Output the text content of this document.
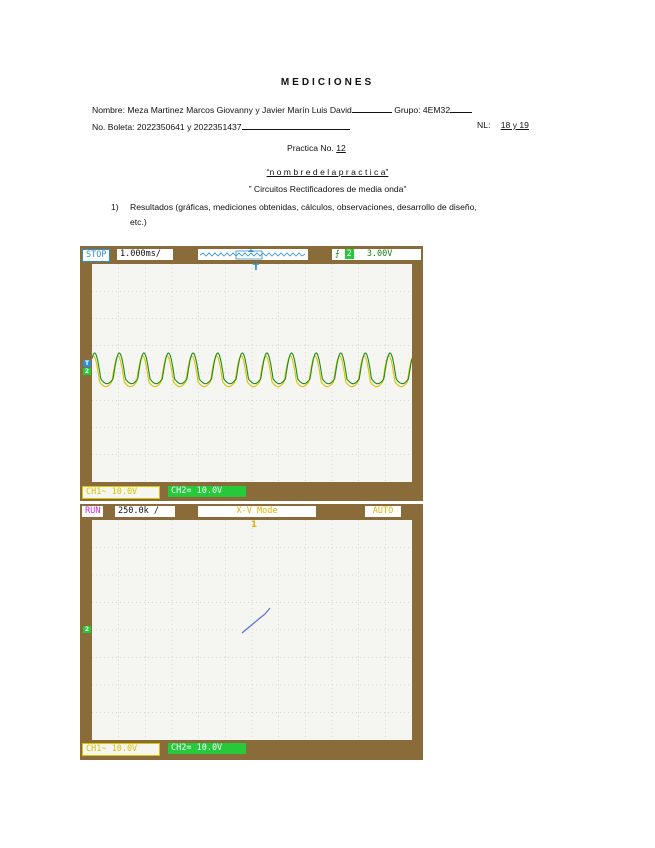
MEDICIONES
Nombre: Meza Martinez Marcos Giovanny y Javier Marín Luis David	Grupo: 4EM32
No. Boleta: 2022350641 y 2022351437	NL: 18 y 19
Practica No. 12
“n o m b r e d e l a p r a c t i c a”
” Circuitos Rectificadores de media onda”
1) Resultados (gráficas, mediciones obtenidas, cálculos, observaciones, desarrollo de diseño,
etc.)
STOP	1.000ms/	⨍ 2 3.00V
T
T
2
CH1~ 10.0V	CH2= 10.0V
RUN	250.0k /	X-V Mode	AUTO
1
2
CH1~ 10.0V	CH2= 10.0V
